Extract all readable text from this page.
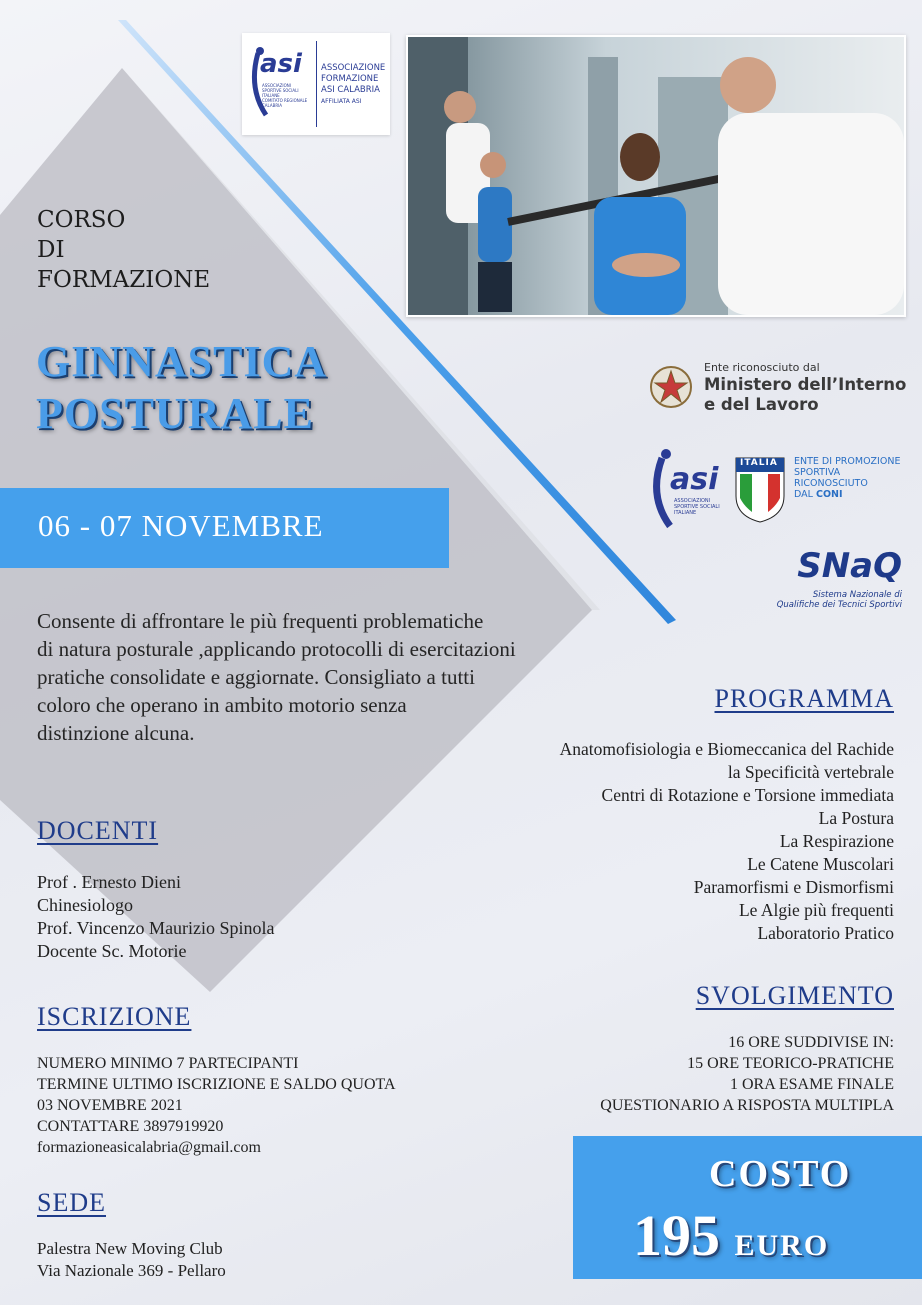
asi
ASSOCIAZIONI
SPORTIVE SOCIALI
ITALIANE
COMITATO REGIONALE
CALABRIA
ASSOCIAZIONE
FORMAZIONE
ASI CALABRIA
AFFILIATA ASI
CORSO
DI
FORMAZIONE
GINNASTICA
POSTURALE
06 - 07 NOVEMBRE
Ente riconosciuto dal
Ministero dell’Interno
e del Lavoro
asi
ASSOCIAZIONI
SPORTIVE SOCIALI
ITALIANE
ITALIA ENTE DI PROMOZIONE
SPORTIVA
RICONOSCIUTO
DAL CONI
SNaQ
Sistema Nazionale di
Qualifiche dei Tecnici Sportivi
Consente di affrontare le più frequenti problematiche
di natura posturale ,applicando protocolli di esercitazioni
pratiche consolidate e aggiornate. Consigliato a tutti
coloro che operano in ambito motorio senza
distinzione alcuna.
PROGRAMMA
Anatomofisiologia e Biomeccanica del Rachide
la Specificità vertebrale
Centri di Rotazione e Torsione immediata
La Postura
La Respirazione
Le Catene Muscolari
Paramorfismi e Dismorfismi
Le Algie più frequenti
Laboratorio Pratico
DOCENTI
Prof . Ernesto Dieni
Chinesiologo
Prof. Vincenzo Maurizio Spinola
Docente Sc. Motorie
SVOLGIMENTO
16 ORE SUDDIVISE IN:
15 ORE TEORICO-PRATICHE
1 ORA ESAME FINALE
QUESTIONARIO A RISPOSTA MULTIPLA
ISCRIZIONE
NUMERO MINIMO 7 PARTECIPANTI
TERMINE ULTIMO ISCRIZIONE E SALDO QUOTA
03 NOVEMBRE 2021
CONTATTARE 3897919920
formazioneasicalabria@gmail.com
SEDE
Palestra New Moving Club
Via Nazionale 369 - Pellaro
COSTO
195 EURO
